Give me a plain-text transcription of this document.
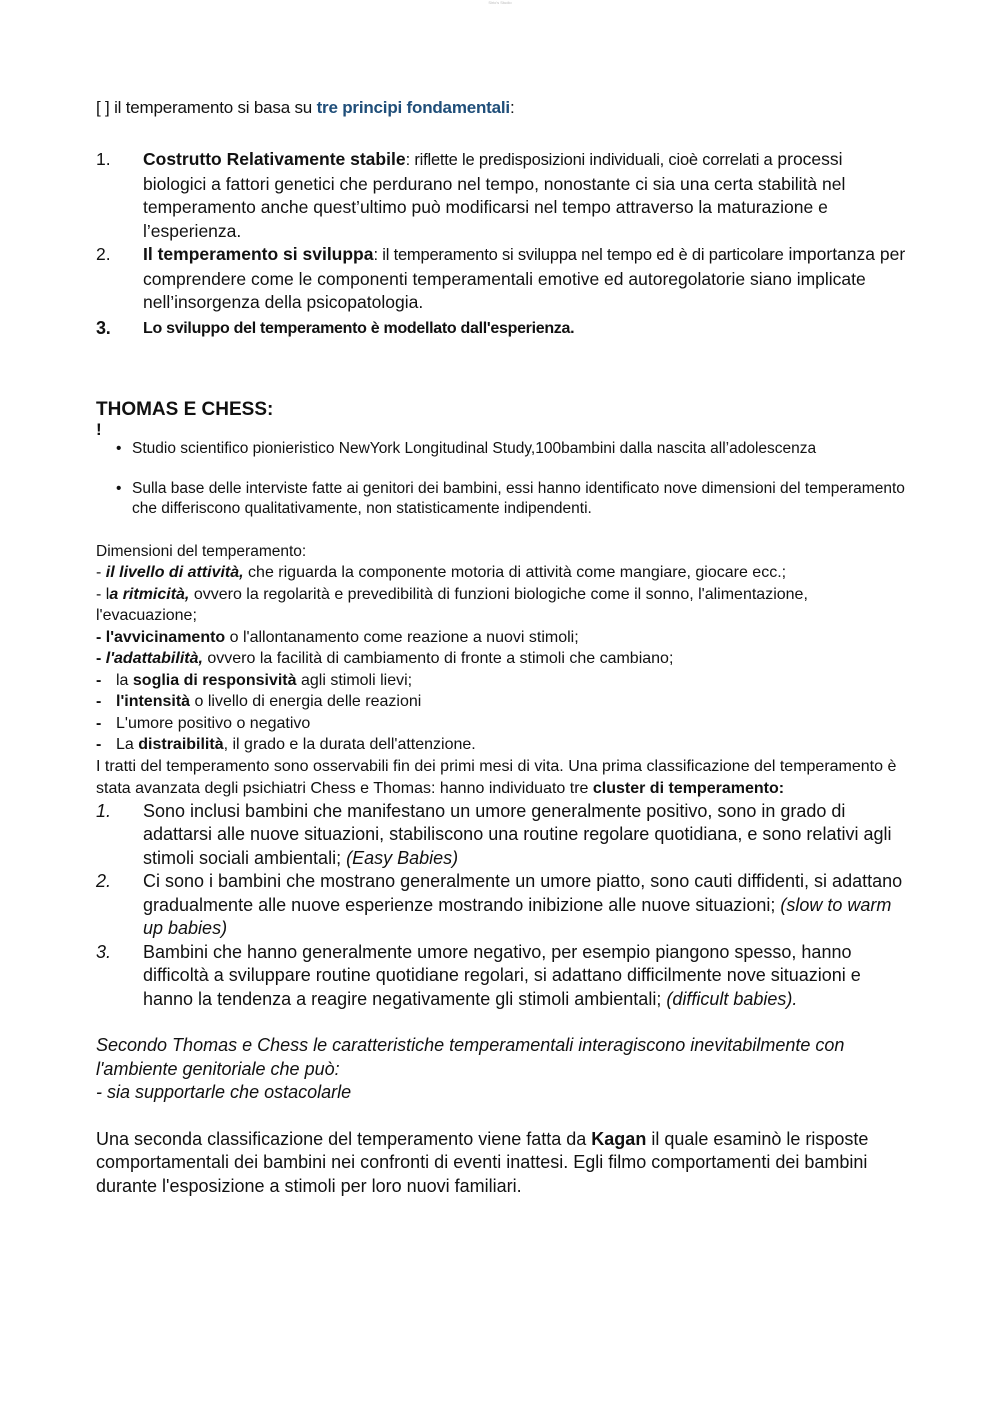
Sirio's Studio

[ ] il temperamento si basa su tre principi fondamentali:

1. Costrutto Relativamente stabile: riflette le predisposizioni individuali, cioè correlati a processi biologici a fattori genetici che perdurano nel tempo, nonostante ci sia una certa stabilità nel temperamento anche quest’ultimo può modificarsi nel tempo attraverso la maturazione e l’esperienza.
2. Il temperamento si sviluppa: il temperamento si sviluppa nel tempo ed è di particolare importanza per comprendere come le componenti temperamentali emotive ed autoregolatorie siano implicate nell’insorgenza della psicopatologia.
3. Lo sviluppo del temperamento è modellato dall'esperienza.
THOMAS E CHESS:

!

• Studio scientifico pionieristico NewYork Longitudinal Study,100bambini dalla nascita all’adolescenza
• Sulla base delle interviste fatte ai genitori dei bambini, essi hanno identificato nove dimensioni del temperamento che differiscono qualitativamente, non statisticamente indipendenti.

Dimensioni del temperamento:

- il livello di attività, che riguarda la componente motoria di attività come mangiare, giocare ecc.;
- la ritmicità, ovvero la regolarità e prevedibilità di funzioni biologiche come il sonno, l'alimentazione, l'evacuazione;
- l'avvicinamento o l'allontanamento come reazione a nuovi stimoli;
- l'adattabilità, ovvero la facilità di cambiamento di fronte a stimoli che cambiano;
- la soglia di responsività agli stimoli lievi;
- l'intensità o livello di energia delle reazioni
- L'umore positivo o negativo
- La distraibilità, il grado e la durata dell'attenzione.

I tratti del temperamento sono osservabili fin dei primi mesi di vita. Una prima classificazione del temperamento è stata avanzata degli psichiatri Chess e Thomas: hanno individuato tre cluster di temperamento:

1. Sono inclusi bambini che manifestano un umore generalmente positivo, sono in grado di adattarsi alle nuove situazioni, stabiliscono una routine regolare quotidiana, e sono relativi agli stimoli sociali ambientali; (Easy Babies)
2. Ci sono i bambini che mostrano generalmente un umore piatto, sono cauti diffidenti, si adattano gradualmente alle nuove esperienze mostrando inibizione alle nuove situazioni; (slow to warm up babies)
3. Bambini che hanno generalmente umore negativo, per esempio piangono spesso, hanno difficoltà a sviluppare routine quotidiane regolari, si adattano difficilmente nove situazioni e hanno la tendenza a reagire negativamente gli stimoli ambientali; (difficult babies).
Secondo Thomas e Chess le caratteristiche temperamentali interagiscono inevitabilmente con l'ambiente genitoriale che può:
- sia supportarle che ostacolarle

Una seconda classificazione del temperamento viene fatta da Kagan il quale esaminò le risposte comportamentali dei bambini nei confronti di eventi inattesi. Egli filmo comportamenti dei bambini durante l'esposizione a stimoli per loro nuovi familiari.
